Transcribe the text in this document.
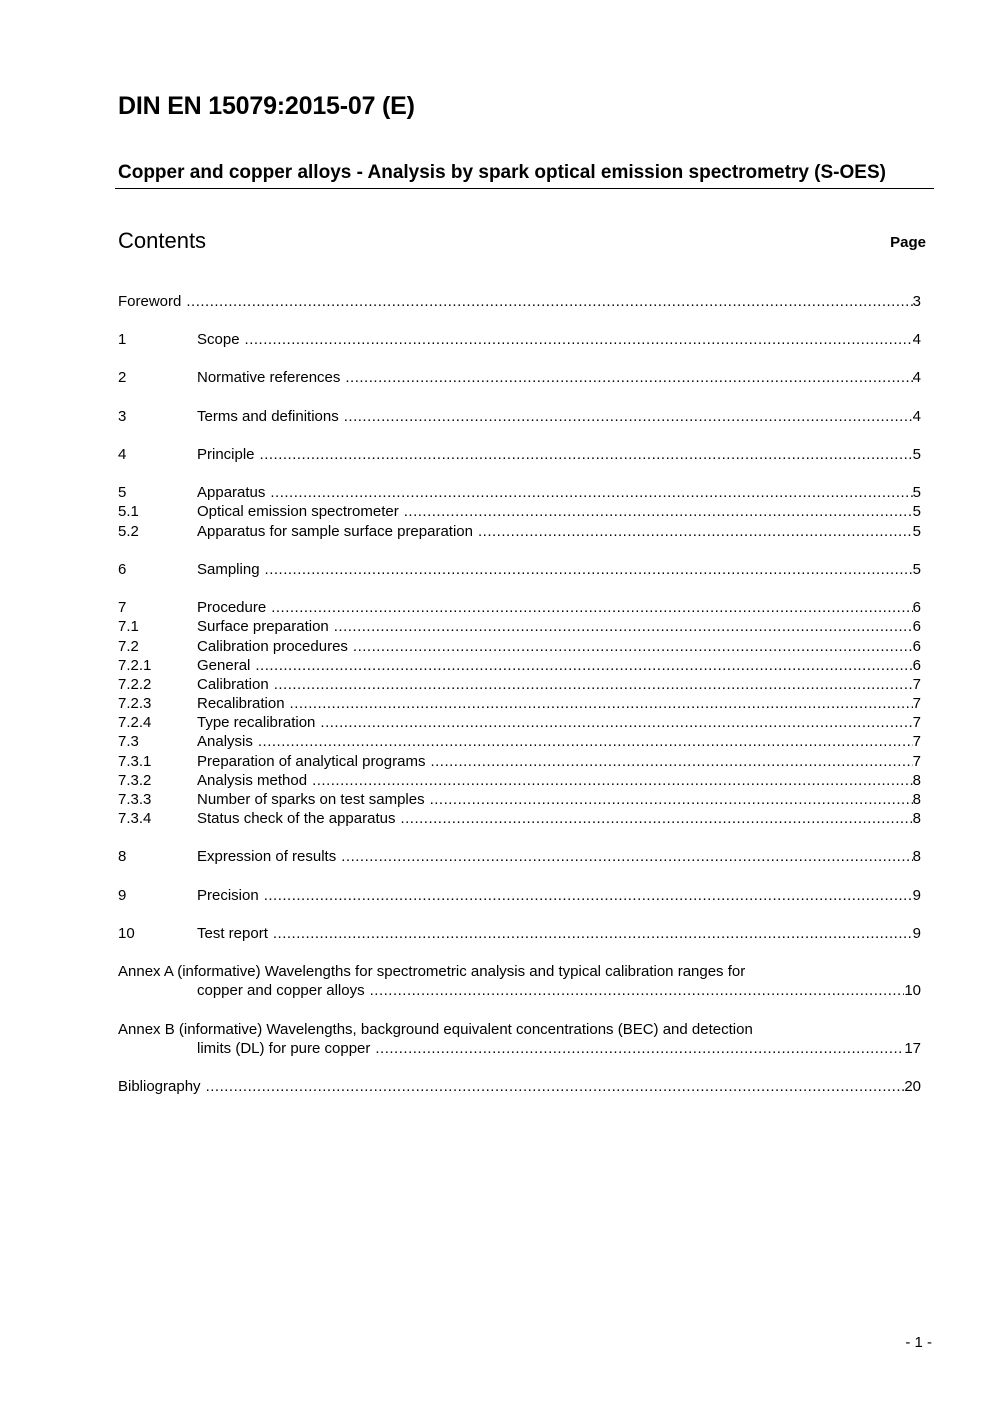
DIN EN 15079:2015-07 (E)
Copper and copper alloys - Analysis by spark optical emission spectrometry (S-OES)
Contents	Page
Foreword .....	3
1	Scope .....	4
2	Normative references .....	4
3	Terms and definitions .....	4
4	Principle .....	5
5	Apparatus .....	5
5.1	Optical emission spectrometer .....	5
5.2	Apparatus for sample surface preparation .....	5
6	Sampling .....	5
7	Procedure .....	6
7.1	Surface preparation .....	6
7.2	Calibration procedures .....	6
7.2.1	General .....	6
7.2.2	Calibration .....	7
7.2.3	Recalibration .....	7
7.2.4	Type recalibration .....	7
7.3	Analysis .....	7
7.3.1	Preparation of analytical programs .....	7
7.3.2	Analysis method .....	8
7.3.3	Number of sparks on test samples .....	8
7.3.4	Status check of the apparatus .....	8
8	Expression of results .....	8
9	Precision .....	9
10	Test report .....	9
Annex A (informative) Wavelengths for spectrometric analysis and typical calibration ranges for
copper and copper alloys .....	10
Annex B (informative) Wavelengths, background equivalent concentrations (BEC) and detection
limits (DL) for pure copper .....	17
Bibliography .....	20
- 1 -
